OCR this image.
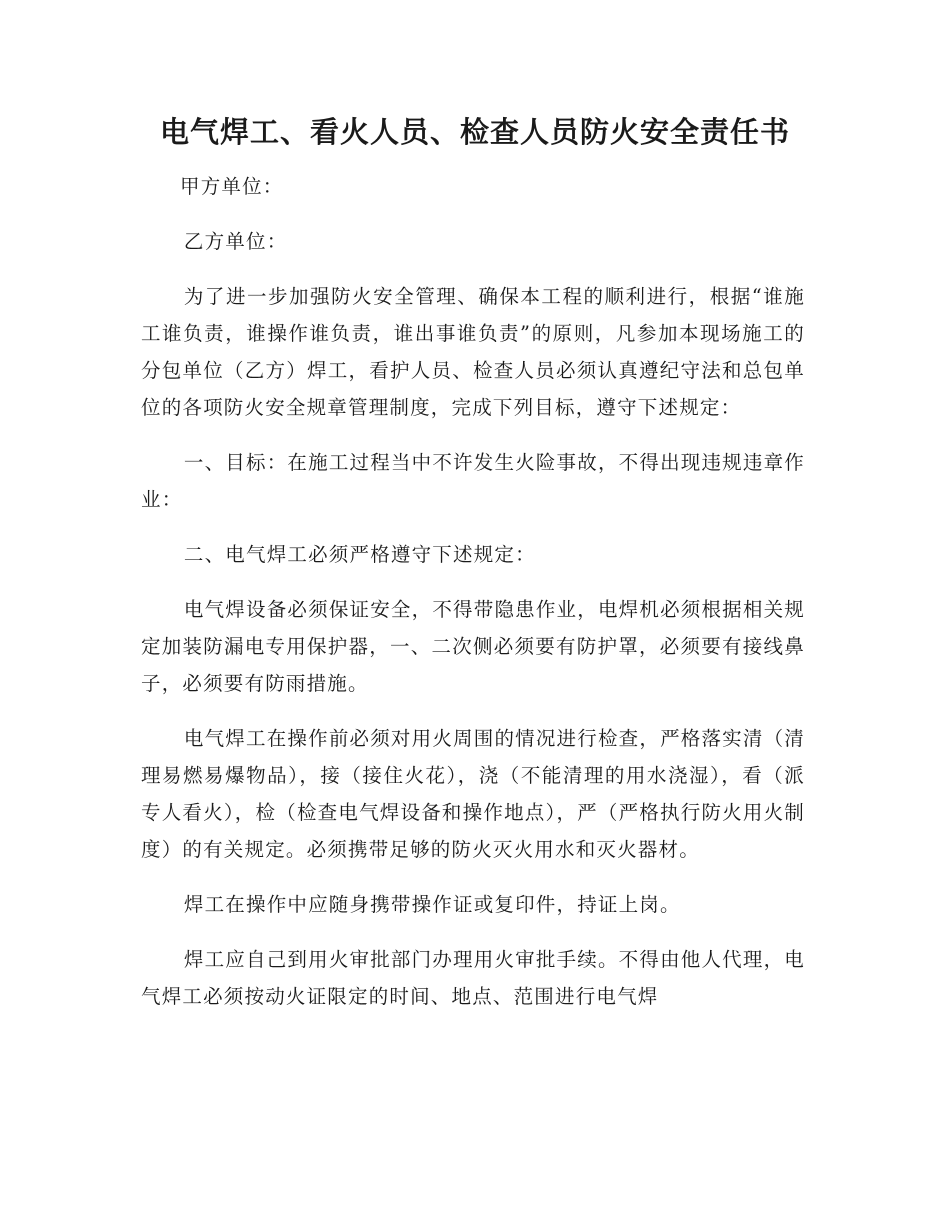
电气焊工、看火人员、检查人员防火安全责任书

甲方单位：

乙方单位：

为了进一步加强防火安全管理、确保本工程的顺利进行，根据“谁施工谁负责，谁操作谁负责，谁出事谁负责”的原则，凡参加本现场施工的分包单位（乙方）焊工，看护人员、检查人员必须认真遵纪守法和总包单位的各项防火安全规章管理制度，完成下列目标，遵守下述规定：

一、目标：在施工过程当中不许发生火险事故，不得出现违规违章作业：

二、电气焊工必须严格遵守下述规定：

电气焊设备必须保证安全，不得带隐患作业，电焊机必须根据相关规定加装防漏电专用保护器，一、二次侧必须要有防护罩，必须要有接线鼻子，必须要有防雨措施。

电气焊工在操作前必须对用火周围的情况进行检查，严格落实清（清理易燃易爆物品），接（接住火花），浇（不能清理的用水浇湿），看（派专人看火），检（检查电气焊设备和操作地点），严（严格执行防火用火制度）的有关规定。必须携带足够的防火灭火用水和灭火器材。

焊工在操作中应随身携带操作证或复印件，持证上岗。

焊工应自己到用火审批部门办理用火审批手续。不得由他人代理，电气焊工必须按动火证限定的时间、地点、范围进行电气焊
